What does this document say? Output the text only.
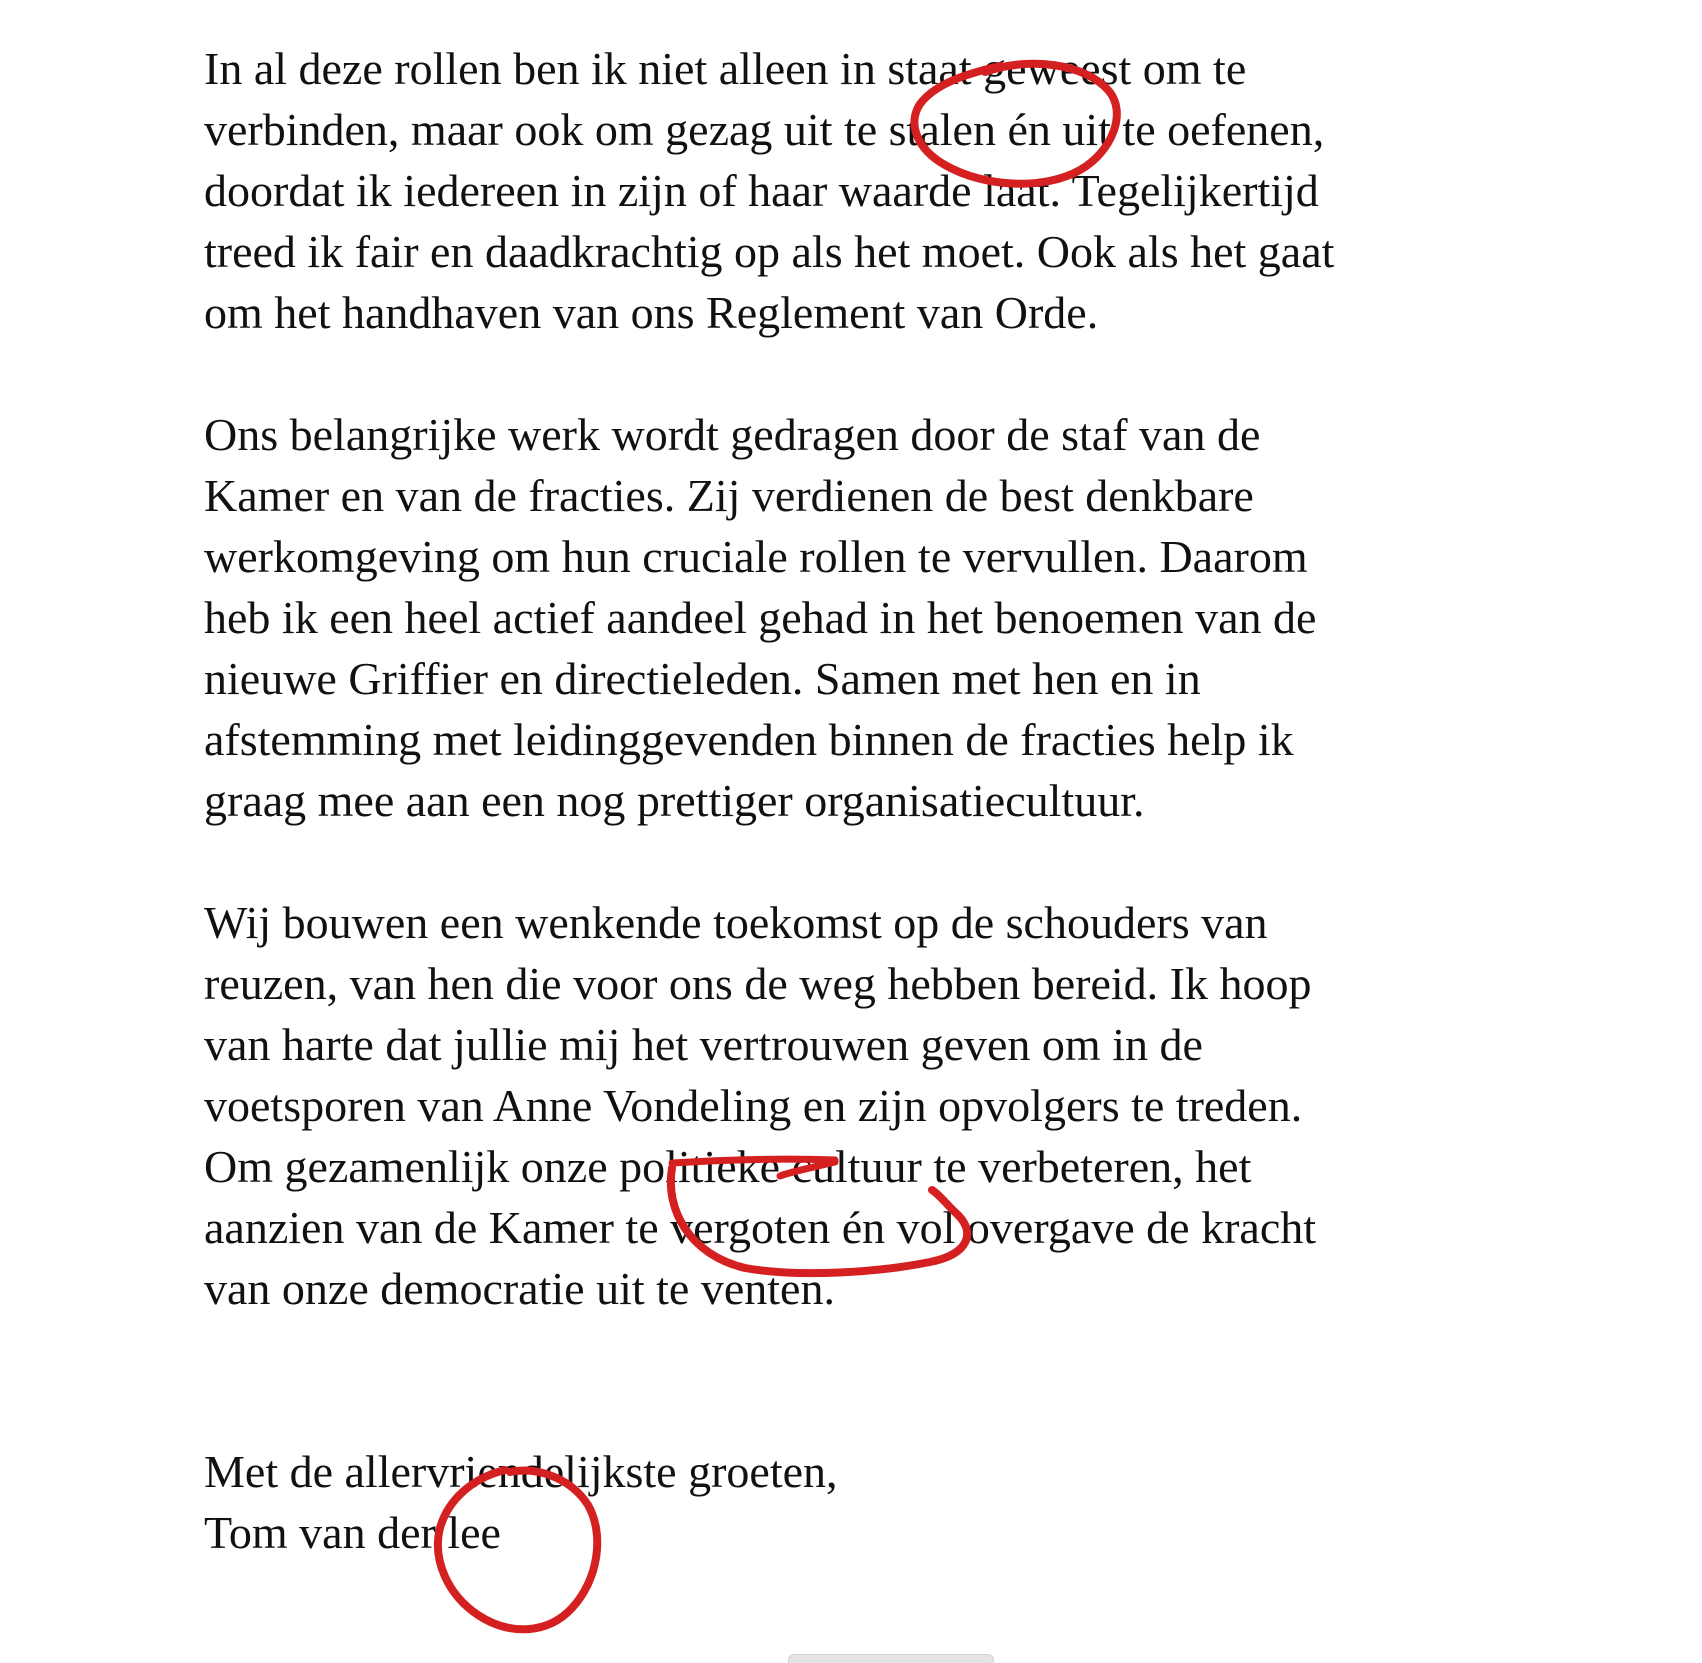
In al deze rollen ben ik niet alleen in staat geweest om te
verbinden, maar ook om gezag uit te stalen én uit te oefenen,
doordat ik iedereen in zijn of haar waarde laat. Tegelijkertijd
treed ik fair en daadkrachtig op als het moet. Ook als het gaat
om het handhaven van ons Reglement van Orde.
Ons belangrijke werk wordt gedragen door de staf van de
Kamer en van de fracties. Zij verdienen de best denkbare
werkomgeving om hun cruciale rollen te vervullen. Daarom
heb ik een heel actief aandeel gehad in het benoemen van de
nieuwe Griffier en directieleden. Samen met hen en in
afstemming met leidinggevenden binnen de fracties help ik
graag mee aan een nog prettiger organisatiecultuur.
Wij bouwen een wenkende toekomst op de schouders van
reuzen, van hen die voor ons de weg hebben bereid. Ik hoop
van harte dat jullie mij het vertrouwen geven om in de
voetsporen van Anne Vondeling en zijn opvolgers te treden.
Om gezamenlijk onze politieke cultuur te verbeteren, het
aanzien van de Kamer te vergoten én vol overgave de kracht
van onze democratie uit te venten.
Met de allervriendelijkste groeten,
Tom van der lee
